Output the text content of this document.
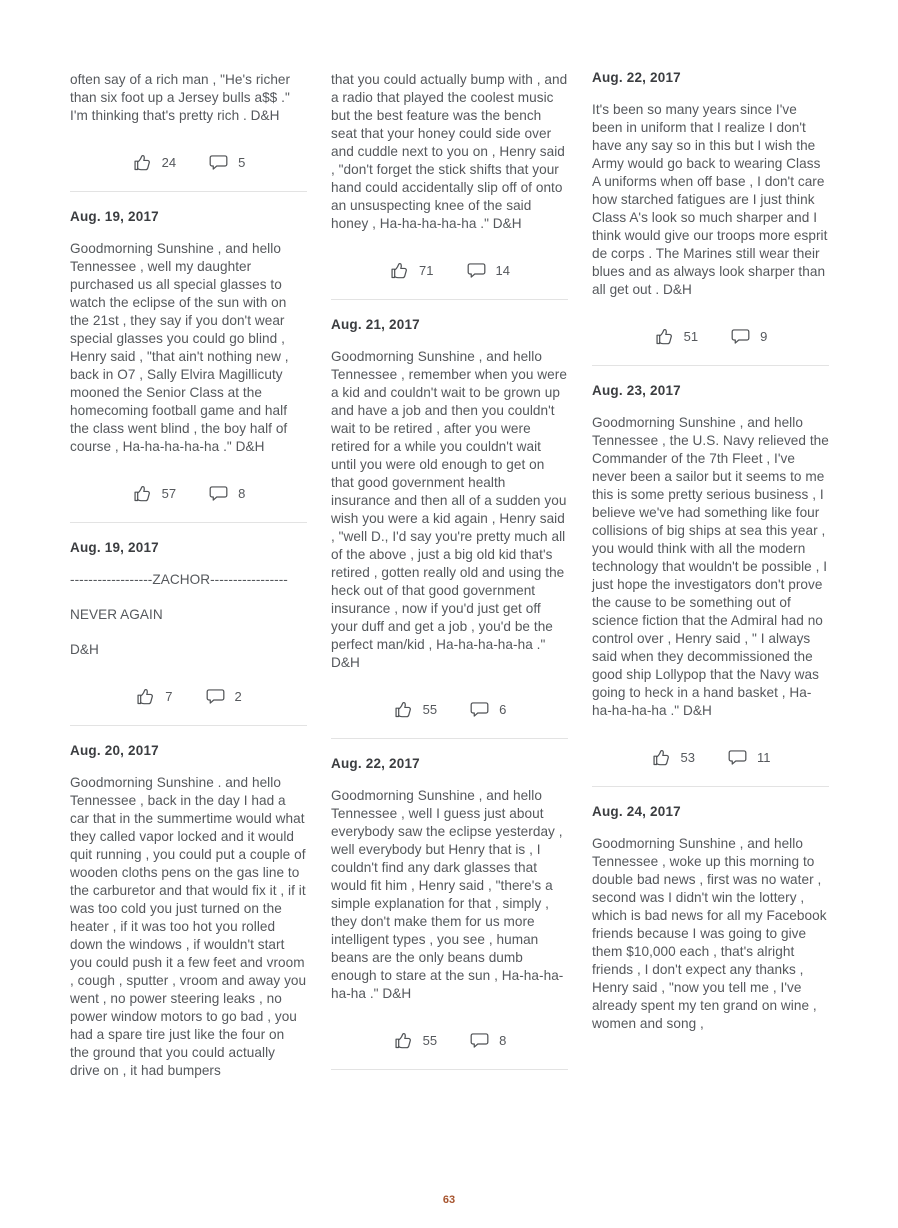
often say of a rich man , "He's richer than six foot up a Jersey bulls a$$ ." I'm thinking that's pretty rich . D&H

24	5
Aug. 19, 2017

Goodmorning Sunshine , and hello Tennessee , well my daughter purchased us all special glasses to watch the eclipse of the sun with on the 21st , they say if you don't wear special glasses you could go blind , Henry said , "that ain't nothing new , back in O7 , Sally Elvira Magillicuty mooned the Senior Class at the homecoming football game and half the class went blind , the boy half of course , Ha-ha-ha-ha-ha ." D&H

57	8
Aug. 19, 2017

------------------ZACHOR-----------------

NEVER AGAIN

D&H

7	2
Aug. 20, 2017

Goodmorning Sunshine . and hello Tennessee , back in the day I had a car that in the summertime would what they called vapor locked and it would quit running , you could put a couple of wooden cloths pens on the gas line to the carburetor and that would fix it , if it was too cold you just turned on the heater , if it was too hot you rolled down the windows , if wouldn't start you could push it a few feet and vroom , cough , sputter , vroom and away you went , no power steering leaks , no power window motors to go bad , you had a spare tire just like the four on the ground that you could actually drive on , it had bumpers

that you could actually bump with , and a radio that played the coolest music but the best feature was the bench seat that your honey could side over and cuddle next to you on , Henry said , "don't forget the stick shifts that your hand could accidentally slip off of onto an unsuspecting knee of the said honey , Ha-ha-ha-ha-ha ." D&H

71	14
Aug. 21, 2017

Goodmorning Sunshine , and hello Tennessee , remember when you were a kid and couldn't wait to be grown up and have a job and then you couldn't wait to be retired , after you were retired for a while you couldn't wait until you were old enough to get on that good government health insurance and then all of a sudden you wish you were a kid again , Henry said , "well D., I'd say you're pretty much all of the above , just a big old kid that's retired , gotten really old and using the heck out of that good government insurance , now if you'd just get off your duff and get a job , you'd be the perfect man/kid , Ha-ha-ha-ha-ha ." D&H

55	6
Aug. 22, 2017

Goodmorning Sunshine , and hello Tennessee , well I guess just about everybody saw the eclipse yesterday , well everybody but Henry that is , I couldn't find any dark glasses that would fit him , Henry said , "there's a simple explanation for that , simply , they don't make them for us more intelligent types , you see , human beans are the only beans dumb enough to stare at the sun , Ha-ha-ha-ha-ha ." D&H

55	8
Aug. 22, 2017

It's been so many years since I've been in uniform that I realize I don't have any say so in this but I wish the Army would go back to wearing Class A uniforms when off base , I don't care how starched fatigues are I just think Class A's look so much sharper and I think would give our troops more esprit de corps . The Marines still wear their blues and as always look sharper than all get out . D&H

51	9
Aug. 23, 2017

Goodmorning Sunshine , and hello Tennessee , the U.S. Navy relieved the Commander of the 7th Fleet , I've never been a sailor but it seems to me this is some pretty serious business , I believe we've had something like four collisions of big ships at sea this year , you would think with all the modern technology that wouldn't be possible , I just hope the investigators don't prove the cause to be something out of science fiction that the Admiral had no control over , Henry said , " I always said when they decommissioned the good ship Lollypop that the Navy was going to heck in a hand basket , Ha-ha-ha-ha-ha ." D&H

53	11
Aug. 24, 2017

Goodmorning Sunshine , and hello Tennessee , woke up this morning to double bad news , first was no water , second was I didn't win the lottery , which is bad news for all my Facebook friends because I was going to give them $10,000 each , that's alright friends , I don't expect any thanks , Henry said , "now you tell me , I've already spent my ten grand on wine , women and song ,

63
